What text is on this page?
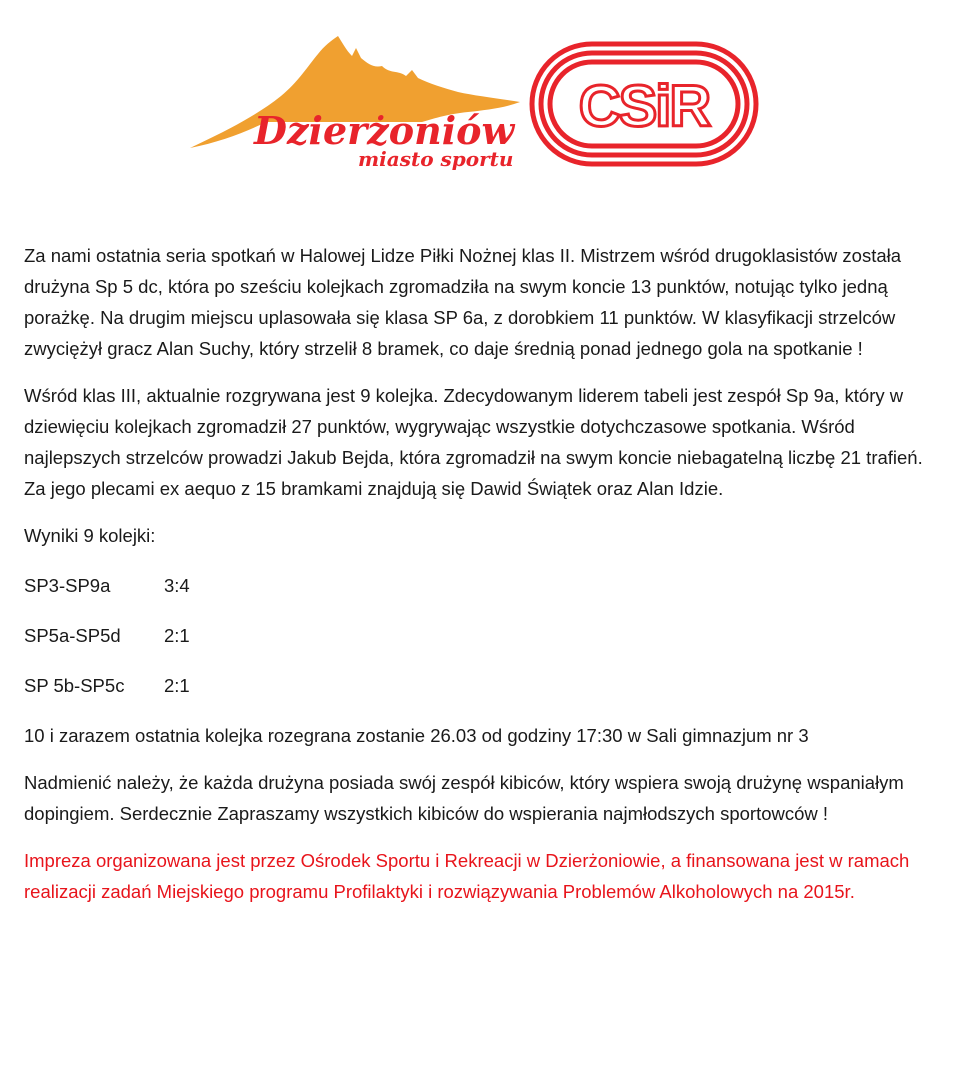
Dzierżoniów
miasto sportu
CSiR

Za nami ostatnia seria spotkań w Halowej Lidze Piłki Nożnej klas II. Mistrzem wśród drugoklasistów została drużyna Sp 5 dc, która po sześciu kolejkach zgromadziła na swym koncie 13 punktów, notując tylko jedną porażkę. Na drugim miejscu uplasowała się klasa SP 6a, z dorobkiem 11 punktów. W klasyfikacji strzelców zwyciężył gracz Alan Suchy, który strzelił 8 bramek, co daje średnią ponad jednego gola na spotkanie !

Wśród klas III, aktualnie rozgrywana jest 9 kolejka. Zdecydowanym liderem tabeli jest zespół Sp 9a, który w dziewięciu kolejkach zgromadził 27 punktów, wygrywając wszystkie dotychczasowe spotkania. Wśród najlepszych strzelców prowadzi Jakub Bejda, która zgromadził na swym koncie niebagatelną liczbę 21 trafień. Za jego plecami ex aequo z 15 bramkami znajdują się Dawid Świątek oraz Alan Idzie.

Wyniki 9 kolejki:

SP3-SP9a	3:4
SP5a-SP5d	2:1
SP 5b-SP5c	2:1

10 i zarazem ostatnia kolejka rozegrana zostanie 26.03 od godziny 17:30 w Sali gimnazjum nr 3

Nadmienić należy, że każda drużyna posiada swój zespół kibiców, który wspiera swoją drużynę wspaniałym dopingiem. Serdecznie Zapraszamy wszystkich kibiców do wspierania najmłodszych sportowców !

Impreza organizowana jest przez Ośrodek Sportu i Rekreacji w Dzierżoniowie, a finansowana jest w ramach realizacji zadań Miejskiego programu Profilaktyki i rozwiązywania Problemów Alkoholowych na 2015r.
